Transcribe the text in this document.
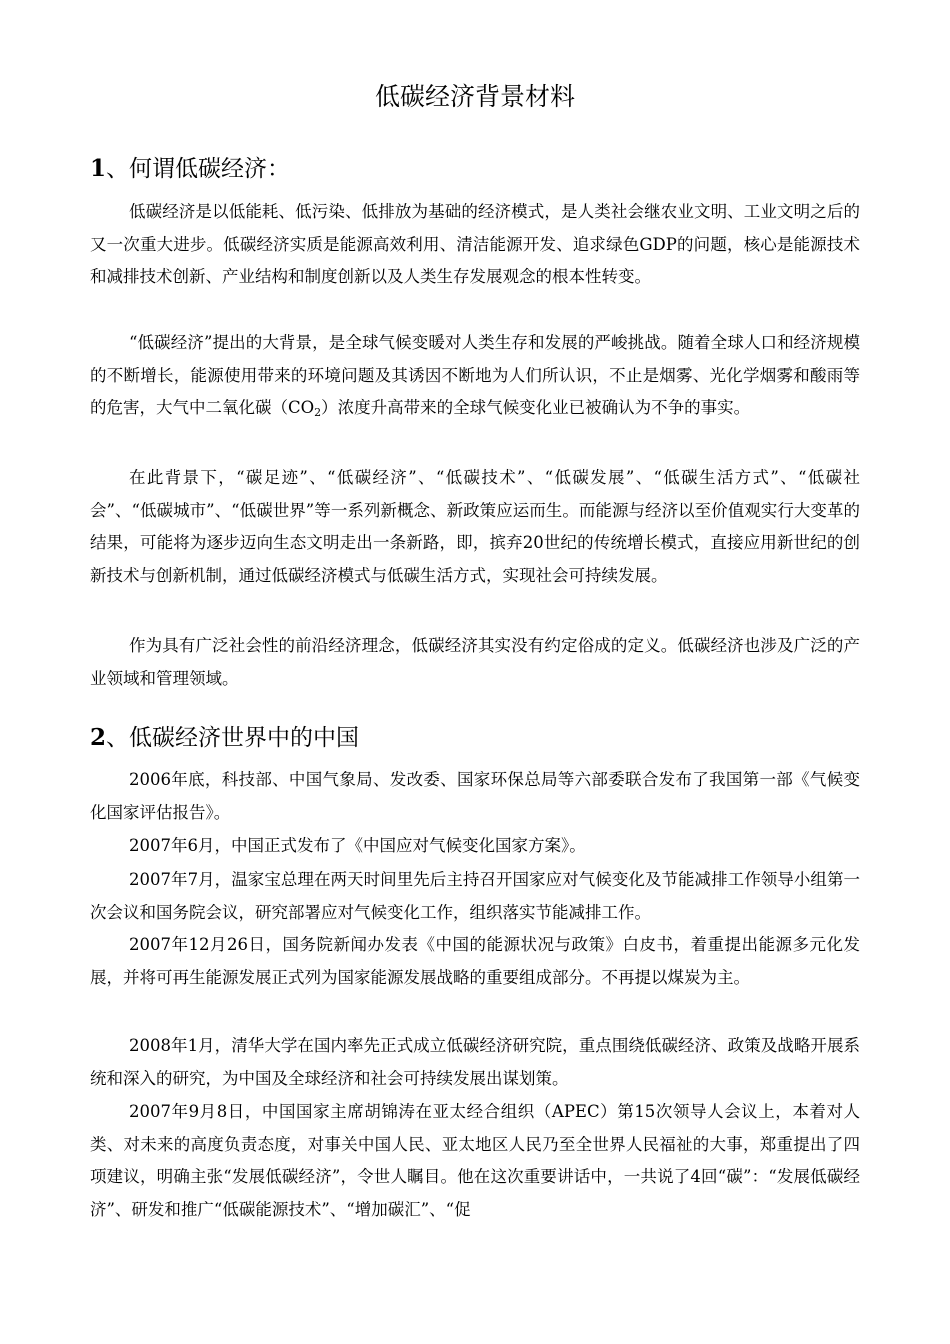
低碳经济背景材料
1、何谓低碳经济：

低碳经济是以低能耗、低污染、低排放为基础的经济模式，是人类社会继农业文明、工业文明之后的又一次重大进步。低碳经济实质是能源高效利用、清洁能源开发、追求绿色GDP的问题，核心是能源技术和减排技术创新、产业结构和制度创新以及人类生存发展观念的根本性转变。

“低碳经济”提出的大背景，是全球气候变暖对人类生存和发展的严峻挑战。随着全球人口和经济规模的不断增长，能源使用带来的环境问题及其诱因不断地为人们所认识，不止是烟雾、光化学烟雾和酸雨等的危害，大气中二氧化碳$(CO_2)$浓度升高带来的全球气候变化业已被确认为不争的事实。

在此背景下，“碳足迹”、“低碳经济”、“低碳技术”、“低碳发展”、“低碳生活方式”、“低碳社会”、“低碳城市”、“低碳世界”等一系列新概念、新政策应运而生。而能源与经济以至价值观实行大变革的结果，可能将为逐步迈向生态文明走出一条新路，即，摈弃20世纪的传统增长模式，直接应用新世纪的创新技术与创新机制，通过低碳经济模式与低碳生活方式，实现社会可持续发展。

作为具有广泛社会性的前沿经济理念，低碳经济其实没有约定俗成的定义。低碳经济也涉及广泛的产业领域和管理领域。

2、低碳经济世界中的中国

2006年底，科技部、中国气象局、发改委、国家环保总局等六部委联合发布了我国第一部《气候变化国家评估报告》。

2007年6月，中国正式发布了《中国应对气候变化国家方案》。

2007年7月，温家宝总理在两天时间里先后主持召开国家应对气候变化及节能减排工作领导小组第一次会议和国务院会议，研究部署应对气候变化工作，组织落实节能减排工作。

2007年12月26日，国务院新闻办发表《中国的能源状况与政策》白皮书，着重提出能源多元化发展，并将可再生能源发展正式列为国家能源发展战略的重要组成部分。不再提以煤炭为主。

2008年1月，清华大学在国内率先正式成立低碳经济研究院，重点围绕低碳经济、政策及战略开展系统和深入的研究，为中国及全球经济和社会可持续发展出谋划策。

2007年9月8日，中国国家主席胡锦涛在亚太经合组织（APEC）第15次领导人会议上，本着对人类、对未来的高度负责态度，对事关中国人民、亚太地区人民乃至全世界人民福祉的大事，郑重提出了四项建议，明确主张“发展低碳经济”，令世人瞩目。他在这次重要讲话中，一共说了4回“碳”：“发展低碳经济”、研发和推广“低碳能源技术”、“增加碳汇”、“促
